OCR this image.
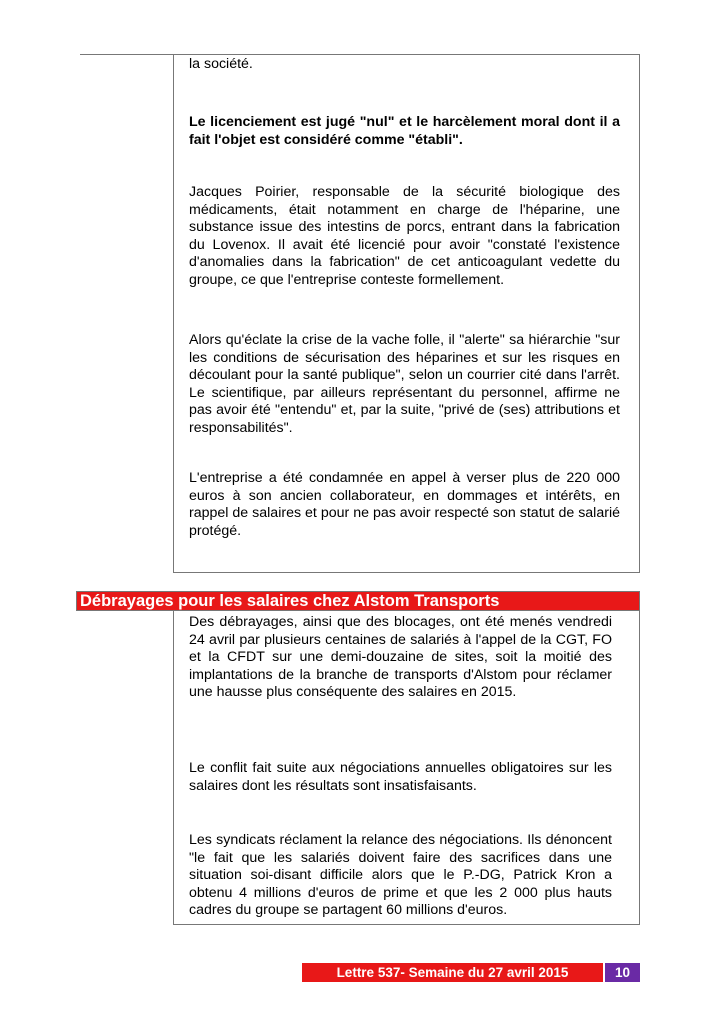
la société.

Le licenciement est jugé "nul" et le harcèlement moral dont il a fait l'objet est considéré comme "établi".

Jacques Poirier, responsable de la sécurité biologique des médicaments, était notamment en charge de l'héparine, une substance issue des intestins de porcs, entrant dans la fabrication du Lovenox. Il avait été licencié pour avoir "constaté l'existence d'anomalies dans la fabrication" de cet anticoagulant vedette du groupe, ce que l'entreprise conteste formellement.

Alors qu'éclate la crise de la vache folle, il "alerte" sa hiérarchie "sur les conditions de sécurisation des héparines et sur les risques en découlant pour la santé publique", selon un courrier cité dans l'arrêt. Le scientifique, par ailleurs représentant du personnel, affirme ne pas avoir été "entendu" et, par la suite, "privé de (ses) attributions et responsabilités".

L'entreprise a été condamnée en appel à verser plus de 220 000 euros à son ancien collaborateur, en dommages et intérêts, en rappel de salaires et pour ne pas avoir respecté son statut de salarié protégé.

Débrayages pour les salaires chez Alstom Transports

Des débrayages, ainsi que des blocages, ont été menés vendredi 24 avril par plusieurs centaines de salariés à l'appel de la CGT, FO et la CFDT sur une demi-douzaine de sites, soit la moitié des implantations de la branche de transports d'Alstom pour réclamer une hausse plus conséquente des salaires en 2015.

Le conflit fait suite aux négociations annuelles obligatoires sur les salaires dont les résultats sont insatisfaisants.

Les syndicats réclament la relance des négociations. Ils dénoncent "le fait que les salariés doivent faire des sacrifices dans une situation soi-disant difficile alors que le P.-DG, Patrick Kron a obtenu 4 millions d'euros de prime et que les 2 000 plus hauts cadres du groupe se partagent 60 millions d'euros.

Lettre 537- Semaine du 27 avril 2015	10
